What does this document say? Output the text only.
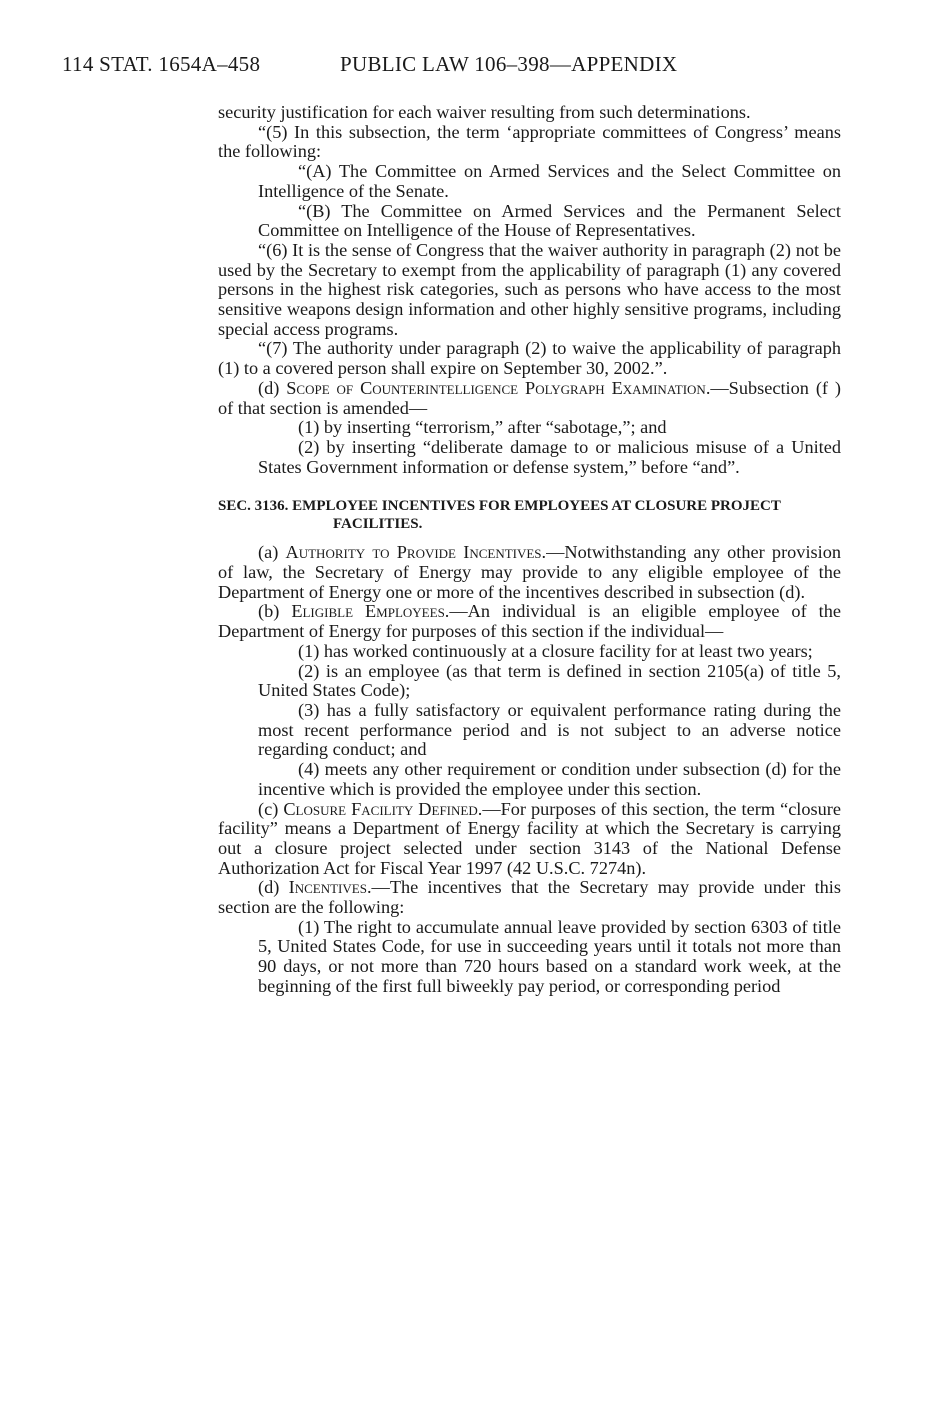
114 STAT. 1654A–458	PUBLIC LAW 106–398—APPENDIX

security justification for each waiver resulting from such determinations.

“(5) In this subsection, the term ‘appropriate committees of Congress’ means the following:

“(A) The Committee on Armed Services and the Select Committee on Intelligence of the Senate.

“(B) The Committee on Armed Services and the Permanent Select Committee on Intelligence of the House of Representatives.

“(6) It is the sense of Congress that the waiver authority in paragraph (2) not be used by the Secretary to exempt from the applicability of paragraph (1) any covered persons in the highest risk categories, such as persons who have access to the most sensitive weapons design information and other highly sensitive programs, including special access programs.

“(7) The authority under paragraph (2) to waive the applicability of paragraph (1) to a covered person shall expire on September 30, 2002.”.

(d) Scope of Counterintelligence Polygraph Examination.—Subsection (f ) of that section is amended—

(1) by inserting “terrorism,” after “sabotage,”; and

(2) by inserting “deliberate damage to or malicious misuse of a United States Government information or defense system,” before “and”.

SEC. 3136. EMPLOYEE INCENTIVES FOR EMPLOYEES AT CLOSURE PROJECT FACILITIES.

(a) Authority to Provide Incentives.—Notwithstanding any other provision of law, the Secretary of Energy may provide to any eligible employee of the Department of Energy one or more of the incentives described in subsection (d).

(b) Eligible Employees.—An individual is an eligible employee of the Department of Energy for purposes of this section if the individual—

(1) has worked continuously at a closure facility for at least two years;

(2) is an employee (as that term is defined in section 2105(a) of title 5, United States Code);

(3) has a fully satisfactory or equivalent performance rating during the most recent performance period and is not subject to an adverse notice regarding conduct; and

(4) meets any other requirement or condition under subsection (d) for the incentive which is provided the employee under this section.

(c) Closure Facility Defined.—For purposes of this section, the term “closure facility” means a Department of Energy facility at which the Secretary is carrying out a closure project selected under section 3143 of the National Defense Authorization Act for Fiscal Year 1997 (42 U.S.C. 7274n).

(d) Incentives.—The incentives that the Secretary may provide under this section are the following:

(1) The right to accumulate annual leave provided by section 6303 of title 5, United States Code, for use in succeeding years until it totals not more than 90 days, or not more than 720 hours based on a standard work week, at the beginning of the first full biweekly pay period, or corresponding period
